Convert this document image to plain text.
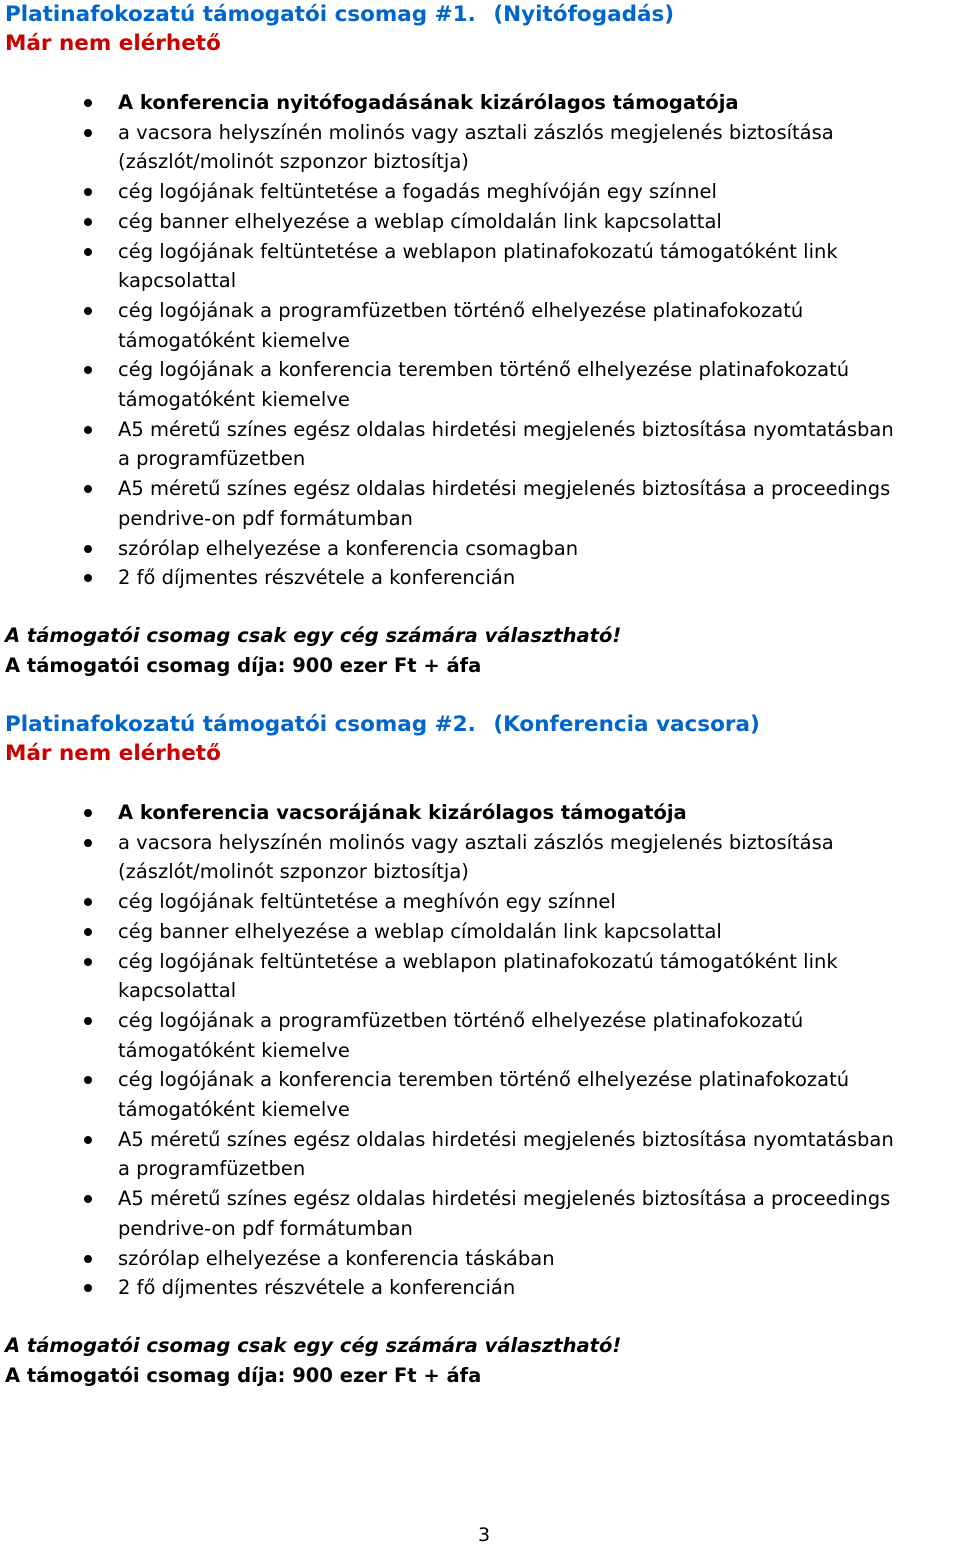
Platinafokozatú támogatói csomag #1. (Nyitófogadás)
Már nem elérhető
A konferencia nyitófogadásának kizárólagos támogatója
a vacsora helyszínén molinós vagy asztali zászlós megjelenés biztosítása
(zászlót/molinót szponzor biztosítja)
cég logójának feltüntetése a fogadás meghívóján egy színnel
cég banner elhelyezése a weblap címoldalán link kapcsolattal
cég logójának feltüntetése a weblapon platinafokozatú támogatóként link
kapcsolattal
cég logójának a programfüzetben történő elhelyezése platinafokozatú
támogatóként kiemelve
cég logójának a konferencia teremben történő elhelyezése platinafokozatú
támogatóként kiemelve
A5 méretű színes egész oldalas hirdetési megjelenés biztosítása nyomtatásban
a programfüzetben
A5 méretű színes egész oldalas hirdetési megjelenés biztosítása a proceedings
pendrive-on pdf formátumban
szórólap elhelyezése a konferencia csomagban
2 fő díjmentes részvétele a konferencián
A támogatói csomag csak egy cég számára választható!
A támogatói csomag díja: 900 ezer Ft + áfa
Platinafokozatú támogatói csomag #2. (Konferencia vacsora)
Már nem elérhető
A konferencia vacsorájának kizárólagos támogatója
a vacsora helyszínén molinós vagy asztali zászlós megjelenés biztosítása
(zászlót/molinót szponzor biztosítja)
cég logójának feltüntetése a meghívón egy színnel
cég banner elhelyezése a weblap címoldalán link kapcsolattal
cég logójának feltüntetése a weblapon platinafokozatú támogatóként link
kapcsolattal
cég logójának a programfüzetben történő elhelyezése platinafokozatú
támogatóként kiemelve
cég logójának a konferencia teremben történő elhelyezése platinafokozatú
támogatóként kiemelve
A5 méretű színes egész oldalas hirdetési megjelenés biztosítása nyomtatásban
a programfüzetben
A5 méretű színes egész oldalas hirdetési megjelenés biztosítása a proceedings
pendrive-on pdf formátumban
szórólap elhelyezése a konferencia táskában
2 fő díjmentes részvétele a konferencián
A támogatói csomag csak egy cég számára választható!
A támogatói csomag díja: 900 ezer Ft + áfa
3
